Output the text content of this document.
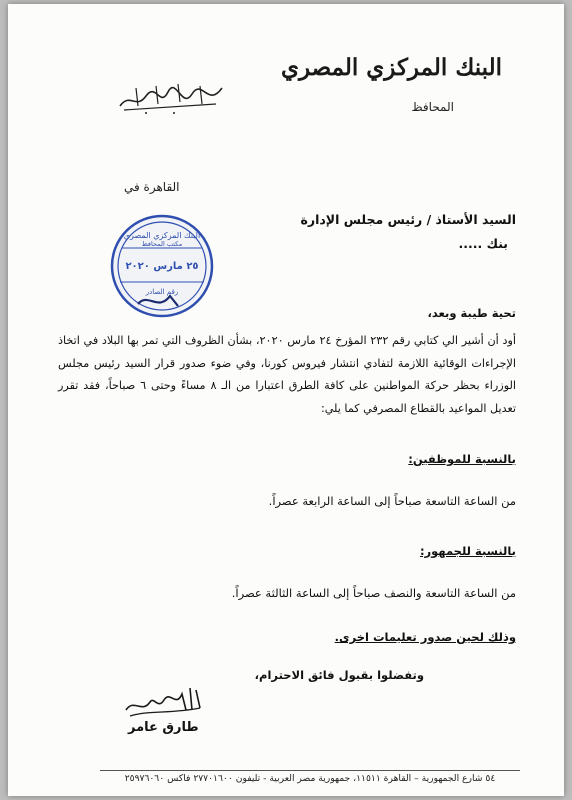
البنك المركزي المصري
المحافظ
القاهرة في
السيد الأستاذ / رئيس مجلس الإدارة
بنك .....
البنك المركزي المصري
مكتب المحافظ
٢٥ مارس ٢٠٢٠
رقم الصادر
تحية طيبة وبعد،
أود أن أشير الي كتابي رقم ٢٣٢ المؤرخ ٢٤ مارس ٢٠٢٠، بشأن الظروف التي تمر بها البلاد في اتخاذ الإجراءات الوقائية اللازمة لتفادي انتشار فيروس كورنا، وفي ضوء صدور قرار السيد رئيس مجلس الوزراء بحظر حركة المواطنين على كافة الطرق اعتبارا من الـ ٨ مساءً وحتى ٦ صباحاً، فقد تقرر تعديل المواعيد بالقطاع المصرفي كما يلي:
بالنسبة للموظفين:
من الساعة التاسعة صباحاً إلى الساعة الرابعة عصراً.
بالنسبة للجمهور:
من الساعة التاسعة والنصف صباحاً إلى الساعة الثالثة عصراً.
وذلك لحين صدور تعليمات اخرى.
وتفضلوا بقبول فائق الاحترام،
طارق عامر
٥٤ شارع الجمهورية – القاهرة ١١٥١١، جمهورية مصر العربية - تليفون ٢٧٧٠١٦٠٠ فاكس ٢٥٩٧٦٠٦٠
